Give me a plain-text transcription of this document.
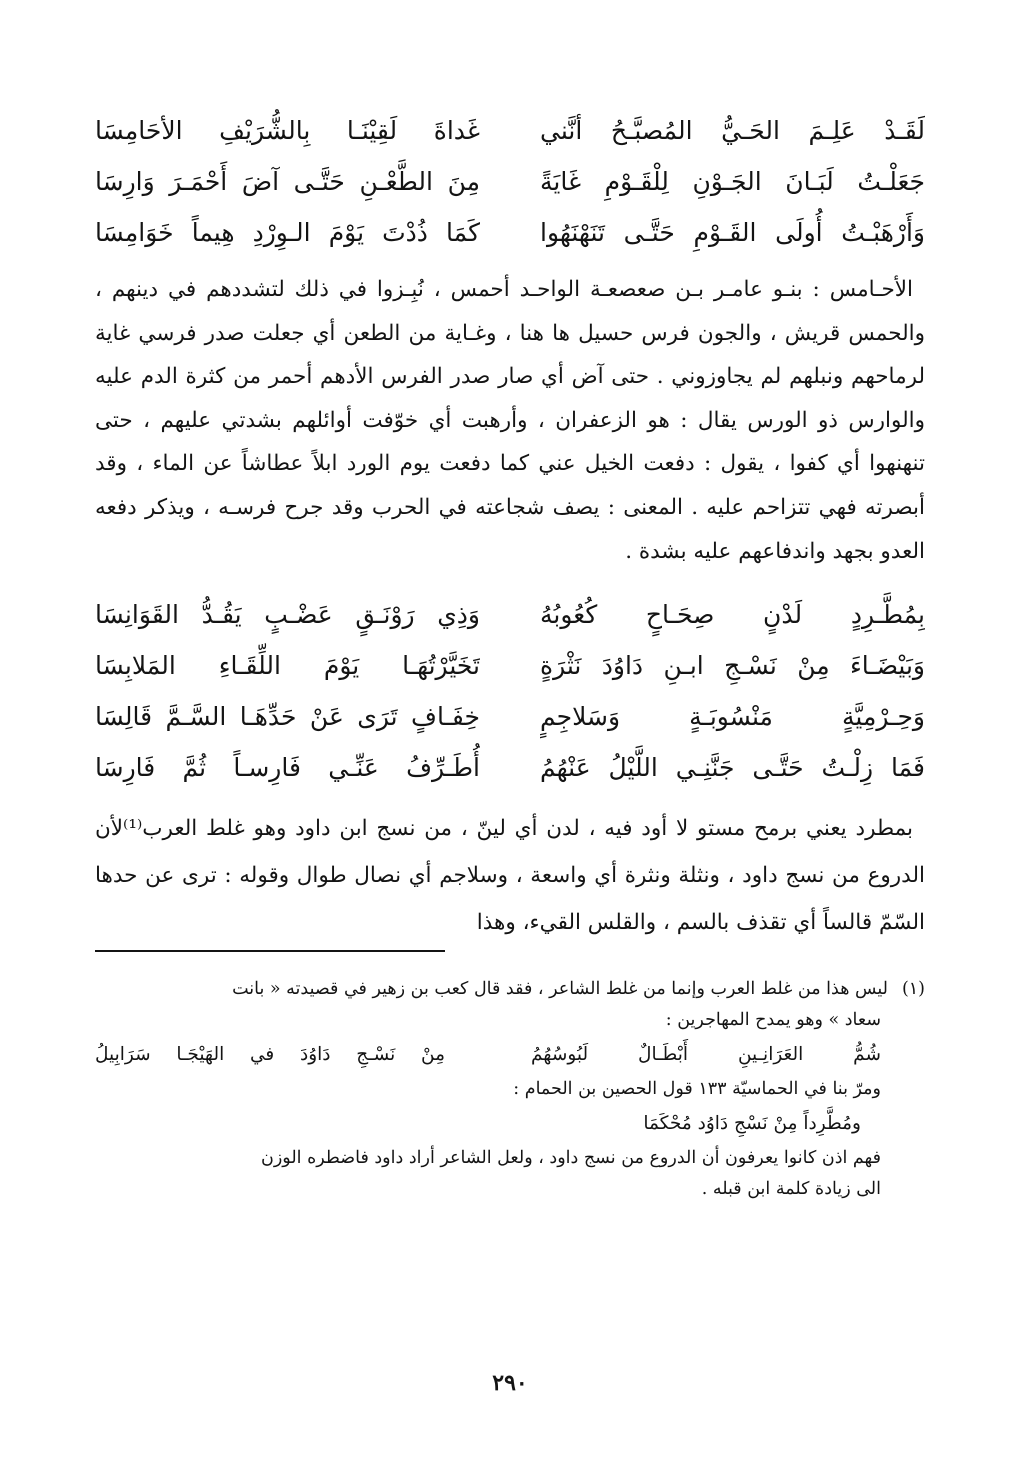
لَقَـدْ عَلِـمَ الحَـيُّ المُصبَّـحُ أنَّني
غَداةَ لَقِيْنَـا بِالشُّرَيْفِ الأحَامِسَا
جَعَلْـتُ لَبَـانَ الجَـوْنِ لِلْقَـوْمِ غَايَةً
مِنَ الطَّعْـنِ حَتَّـى آضَ أَحْمَـرَ وَارِسَا
وَأَرْهَبْـتُ أُولَى القَـوْمِ حَتَّـى تَنَهْنَهُوا
كَمَا ذُدْتَ يَوْمَ الـوِرْدِ هِيماً خَوَامِسَا

الأحـامس : بنـو عامـر بـن صعصعـة الواحـد أحمس ، نُبِـزوا في ذلك لتشددهم في دينهم ، والحمس قريش ، والجون فرس حسيل ها هنا ، وغـاية من الطعن أي جعلت صدر فرسي غاية لرماحهم ونبلهم لم يجاوزوني . حتى آض أي صار صدر الفرس الأدهم أحمر من كثرة الدم عليه والوارس ذو الورس يقال : هو الزعفران ، وأرهبت أي خوّفت أوائلهم بشدتي عليهم ، حتى تنهنهوا أي كفوا ، يقول : دفعت الخيل عني كما دفعت يوم الورد ابلاً عطاشاً عن الماء ، وقد أبصرته فهي تتزاحم عليه . المعنى : يصف شجاعته في الحرب وقد جرح فرسـه ، ويذكر دفعه العدو بجهد واندفاعهم عليه بشدة .

بِمُطَّـرِدٍ لَدْنٍ صِحَـاحٍ كُعُوبُهُ
وَذِي رَوْنَـقٍ عَضْـبٍ يَقُـدُّ القَوَانِسَا
وَبَيْضَـاءَ مِنْ نَسْـجِ ابـنِ دَاوُدَ نَثْرَةٍ
تَخَيَّرْتُهَـا يَوْمَ اللِّقَـاءِ المَلابِسَا
وَحِـرْمِيَّةٍ مَنْسُوبَـةٍ وَسَلاجِمٍ
خِفَـافٍ تَرَى عَنْ حَدِّهَـا السَّـمَّ قَالِسَا
فَمَا زِلْـتُ حَتَّـى جَنَّنِـي اللَّيْلُ عَنْهُمُ
أُطَـرِّفُ عَنِّـي فَارِسـاً ثُمَّ فَارِسَا

بمطرد يعني برمح مستو لا أود فيه ، لدن أي لينّ ، من نسج ابن داود وهو غلط العرب⁽¹⁾لأن الدروع من نسج داود ، ونثلة ونثرة أي واسعة ، وسلاجم أي نصال طوال وقوله : ترى عن حدها السّمّ قالساً أي تقذف بالسم ، والقلس القيء، وهذا

(١)
ليس هذا من غلط العرب وإنما من غلط الشاعر ، فقد قال كعب بن زهير في قصيدته « بانت
سعاد » وهو يمدح المهاجرين :
شُمُّ العَرَانِـينِ أَبْطَـالٌ لَبُوسُهُمُ
مِنْ نَسْـجِ دَاوُدَ في الهَيْجَـا سَرَابِيلُ
ومرّ بنا في الحماسيّة ١٣٣ قول الحصين بن الحمام :
ومُطَّرِداً مِنْ نَسْجِ دَاوُد مُحْكَمَا
فهم اذن كانوا يعرفون أن الدروع من نسج داود ، ولعل الشاعر أراد داود فاضطره الوزن
الى زيادة كلمة ابن قبله .
٢٩٠
